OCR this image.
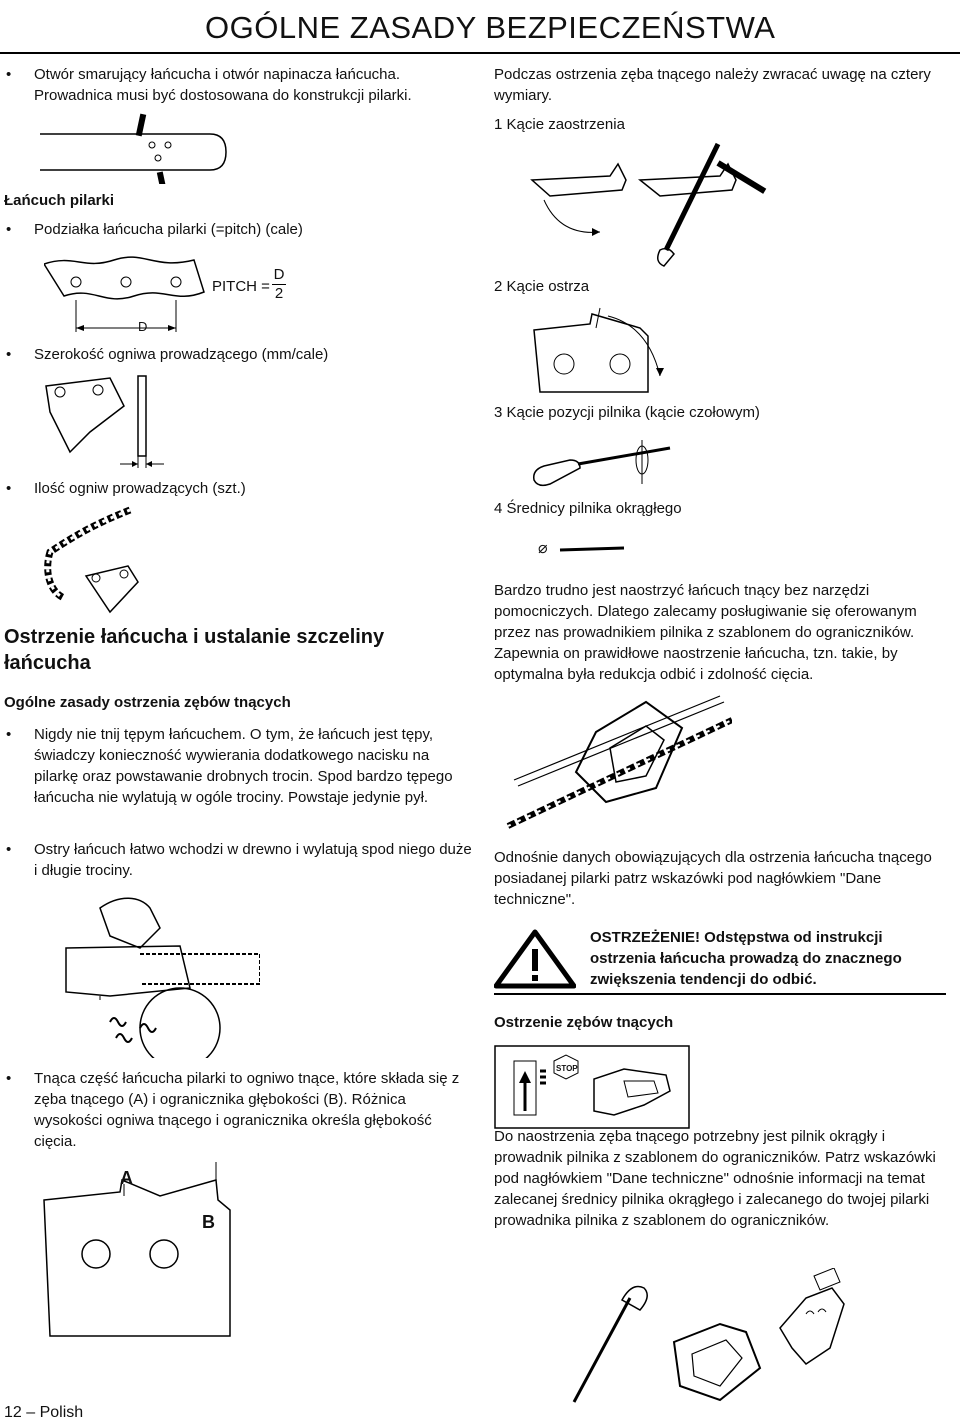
OGÓLNE ZASADY BEZPIECZEŃSTWA
• Otwór smarujący łańcucha i otwór napinacza łańcucha. Prowadnica musi być dostosowana do konstrukcji pilarki.
Łańcuch pilarki
• Podziałka łańcucha pilarki (=pitch) (cale)
PITCH =
D
2
D
• Szerokość ogniwa prowadzącego (mm/cale)
• Ilość ogniw prowadzących (szt.)
Ostrzenie łańcucha i ustalanie szczeliny łańcucha
Ogólne zasady ostrzenia zębów tnących
• Nigdy nie tnij tępym łańcuchem. O tym, że łańcuch jest tępy, świadczy konieczność wywierania dodatkowego nacisku na pilarkę oraz powstawanie drobnych trocin. Spod bardzo tępego łańcucha nie wylatują w ogóle trociny. Powstaje jedynie pył.
• Ostry łańcuch łatwo wchodzi w drewno i wylatują spod niego duże i długie trociny.
• Tnąca część łańcucha pilarki to ogniwo tnące, które składa się z zęba tnącego (A) i ogranicznika głębokości (B). Różnica wysokości ogniwa tnącego i ogranicznika określa głębokość cięcia.
A
B
Podczas ostrzenia zęba tnącego należy zwracać uwagę na cztery wymiary.
1 Kącie zaostrzenia
2 Kącie ostrza
3 Kącie pozycji pilnika (kącie czołowym)
4 Średnicy pilnika okrągłego
⌀
Bardzo trudno jest naostrzyć łańcuch tnący bez narzędzi pomocniczych. Dlatego zalecamy posługiwanie się oferowanym przez nas prowadnikiem pilnika z szablonem do ograniczników. Zapewnia on prawidłowe naostrzenie łańcucha, tzn. takie, by optymalna była redukcja odbić i zdolność cięcia.
Odnośnie danych obowiązujących dla ostrzenia łańcucha tnącego posiadanej pilarki patrz wskazówki pod nagłówkiem "Dane techniczne".
OSTRZEŻENIE! Odstępstwa od instrukcji ostrzenia łańcucha prowadzą do znacznego zwiększenia tendencji do odbić.
Ostrzenie zębów tnących
STOP
Do naostrzenia zęba tnącego potrzebny jest pilnik okrągły i prowadnik pilnika z szablonem do ograniczników. Patrz wskazówki pod nagłówkiem "Dane techniczne" odnośnie informacji na temat zalecanej średnicy pilnika okrągłego i zalecanego do twojej pilarki prowadnika pilnika z szablonem do ograniczników.
12 – Polish
